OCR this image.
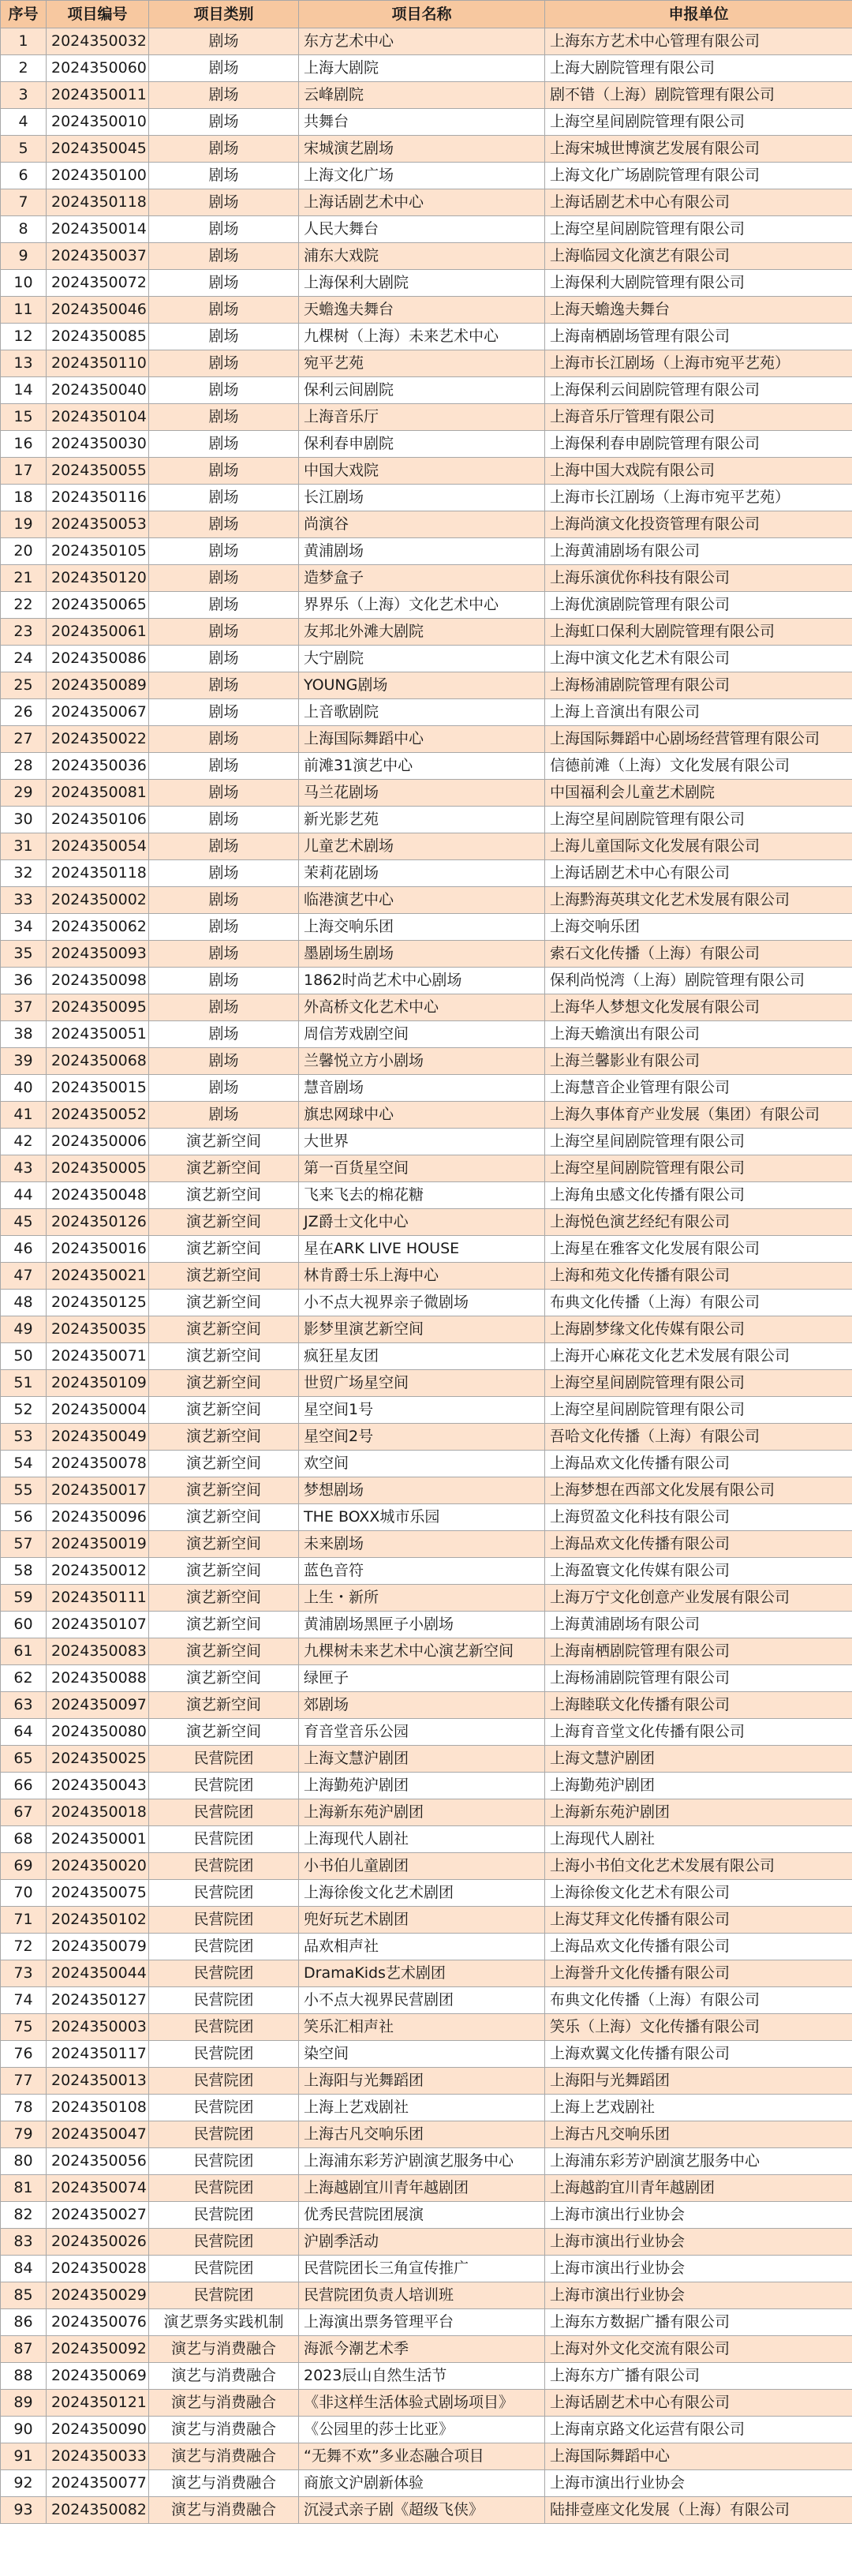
序号	项目编号	项目类别	项目名称	申报单位
1	2024350032	剧场	东方艺术中心	上海东方艺术中心管理有限公司
2	2024350060	剧场	上海大剧院	上海大剧院管理有限公司
3	2024350011	剧场	云峰剧院	剧不错（上海）剧院管理有限公司
4	2024350010	剧场	共舞台	上海空星间剧院管理有限公司
5	2024350045	剧场	宋城演艺剧场	上海宋城世博演艺发展有限公司
6	2024350100	剧场	上海文化广场	上海文化广场剧院管理有限公司
7	2024350118	剧场	上海话剧艺术中心	上海话剧艺术中心有限公司
8	2024350014	剧场	人民大舞台	上海空星间剧院管理有限公司
9	2024350037	剧场	浦东大戏院	上海临园文化演艺有限公司
10	2024350072	剧场	上海保利大剧院	上海保利大剧院管理有限公司
11	2024350046	剧场	天蟾逸夫舞台	上海天蟾逸夫舞台
12	2024350085	剧场	九棵树（上海）未来艺术中心	上海南栖剧场管理有限公司
13	2024350110	剧场	宛平艺苑	上海市长江剧场（上海市宛平艺苑）
14	2024350040	剧场	保利云间剧院	上海保利云间剧院管理有限公司
15	2024350104	剧场	上海音乐厅	上海音乐厅管理有限公司
16	2024350030	剧场	保利春申剧院	上海保利春申剧院管理有限公司
17	2024350055	剧场	中国大戏院	上海中国大戏院有限公司
18	2024350116	剧场	长江剧场	上海市长江剧场（上海市宛平艺苑）
19	2024350053	剧场	尚演谷	上海尚演文化投资管理有限公司
20	2024350105	剧场	黄浦剧场	上海黄浦剧场有限公司
21	2024350120	剧场	造梦盒子	上海乐演优你科技有限公司
22	2024350065	剧场	界界乐（上海）文化艺术中心	上海优演剧院管理有限公司
23	2024350061	剧场	友邦北外滩大剧院	上海虹口保利大剧院管理有限公司
24	2024350086	剧场	大宁剧院	上海中演文化艺术有限公司
25	2024350089	剧场	YOUNG剧场	上海杨浦剧院管理有限公司
26	2024350067	剧场	上音歌剧院	上海上音演出有限公司
27	2024350022	剧场	上海国际舞蹈中心	上海国际舞蹈中心剧场经营管理有限公司
28	2024350036	剧场	前滩31演艺中心	信德前滩（上海）文化发展有限公司
29	2024350081	剧场	马兰花剧场	中国福利会儿童艺术剧院
30	2024350106	剧场	新光影艺苑	上海空星间剧院管理有限公司
31	2024350054	剧场	儿童艺术剧场	上海儿童国际文化发展有限公司
32	2024350118	剧场	茉莉花剧场	上海话剧艺术中心有限公司
33	2024350002	剧场	临港演艺中心	上海黔海英琪文化艺术发展有限公司
34	2024350062	剧场	上海交响乐团	上海交响乐团
35	2024350093	剧场	墨剧场生剧场	索石文化传播（上海）有限公司
36	2024350098	剧场	1862时尚艺术中心剧场	保利尚悦湾（上海）剧院管理有限公司
37	2024350095	剧场	外高桥文化艺术中心	上海华人梦想文化发展有限公司
38	2024350051	剧场	周信芳戏剧空间	上海天蟾演出有限公司
39	2024350068	剧场	兰馨悦立方小剧场	上海兰馨影业有限公司
40	2024350015	剧场	慧音剧场	上海慧音企业管理有限公司
41	2024350052	剧场	旗忠网球中心	上海久事体育产业发展（集团）有限公司
42	2024350006	演艺新空间	大世界	上海空星间剧院管理有限公司
43	2024350005	演艺新空间	第一百货星空间	上海空星间剧院管理有限公司
44	2024350048	演艺新空间	飞来飞去的棉花糖	上海角虫感文化传播有限公司
45	2024350126	演艺新空间	JZ爵士文化中心	上海悦色演艺经纪有限公司
46	2024350016	演艺新空间	星在ARK LIVE HOUSE	上海星在雅客文化发展有限公司
47	2024350021	演艺新空间	林肯爵士乐上海中心	上海和苑文化传播有限公司
48	2024350125	演艺新空间	小不点大视界亲子微剧场	布典文化传播（上海）有限公司
49	2024350035	演艺新空间	影梦里演艺新空间	上海剧梦缘文化传媒有限公司
50	2024350071	演艺新空间	疯狂星友团	上海开心麻花文化艺术发展有限公司
51	2024350109	演艺新空间	世贸广场星空间	上海空星间剧院管理有限公司
52	2024350004	演艺新空间	星空间1号	上海空星间剧院管理有限公司
53	2024350049	演艺新空间	星空间2号	吾哈文化传播（上海）有限公司
54	2024350078	演艺新空间	欢空间	上海品欢文化传播有限公司
55	2024350017	演艺新空间	梦想剧场	上海梦想在西部文化发展有限公司
56	2024350096	演艺新空间	THE BOXX城市乐园	上海贸盈文化科技有限公司
57	2024350019	演艺新空间	未来剧场	上海品欢文化传播有限公司
58	2024350012	演艺新空间	蓝色音符	上海盈寰文化传媒有限公司
59	2024350111	演艺新空间	上生・新所	上海万宁文化创意产业发展有限公司
60	2024350107	演艺新空间	黄浦剧场黑匣子小剧场	上海黄浦剧场有限公司
61	2024350083	演艺新空间	九棵树未来艺术中心演艺新空间	上海南栖剧院管理有限公司
62	2024350088	演艺新空间	绿匣子	上海杨浦剧院管理有限公司
63	2024350097	演艺新空间	郊剧场	上海睦联文化传播有限公司
64	2024350080	演艺新空间	育音堂音乐公园	上海育音堂文化传播有限公司
65	2024350025	民营院团	上海文慧沪剧团	上海文慧沪剧团
66	2024350043	民营院团	上海勤苑沪剧团	上海勤苑沪剧团
67	2024350018	民营院团	上海新东苑沪剧团	上海新东苑沪剧团
68	2024350001	民营院团	上海现代人剧社	上海现代人剧社
69	2024350020	民营院团	小书伯儿童剧团	上海小书伯文化艺术发展有限公司
70	2024350075	民营院团	上海徐俊文化艺术剧团	上海徐俊文化艺术有限公司
71	2024350102	民营院团	兜好玩艺术剧团	上海艾拜文化传播有限公司
72	2024350079	民营院团	品欢相声社	上海品欢文化传播有限公司
73	2024350044	民营院团	DramaKids艺术剧团	上海誉升文化传播有限公司
74	2024350127	民营院团	小不点大视界民营剧团	布典文化传播（上海）有限公司
75	2024350003	民营院团	笑乐汇相声社	笑乐（上海）文化传播有限公司
76	2024350117	民营院团	染空间	上海欢翼文化传播有限公司
77	2024350013	民营院团	上海阳与光舞蹈团	上海阳与光舞蹈团
78	2024350108	民营院团	上海上艺戏剧社	上海上艺戏剧社
79	2024350047	民营院团	上海古凡交响乐团	上海古凡交响乐团
80	2024350056	民营院团	上海浦东彩芳沪剧演艺服务中心	上海浦东彩芳沪剧演艺服务中心
81	2024350074	民营院团	上海越剧宜川青年越剧团	上海越韵宜川青年越剧团
82	2024350027	民营院团	优秀民营院团展演	上海市演出行业协会
83	2024350026	民营院团	沪剧季活动	上海市演出行业协会
84	2024350028	民营院团	民营院团长三角宣传推广	上海市演出行业协会
85	2024350029	民营院团	民营院团负责人培训班	上海市演出行业协会
86	2024350076	演艺票务实践机制	上海演出票务管理平台	上海东方数据广播有限公司
87	2024350092	演艺与消费融合	海派今潮艺术季	上海对外文化交流有限公司
88	2024350069	演艺与消费融合	2023辰山自然生活节	上海东方广播有限公司
89	2024350121	演艺与消费融合	《非这样生活体验式剧场项目》	上海话剧艺术中心有限公司
90	2024350090	演艺与消费融合	《公园里的莎士比亚》	上海南京路文化运营有限公司
91	2024350033	演艺与消费融合	“无舞不欢”多业态融合项目	上海国际舞蹈中心
92	2024350077	演艺与消费融合	商旅文沪剧新体验	上海市演出行业协会
93	2024350082	演艺与消费融合	沉浸式亲子剧《超级飞侠》	陆排壹座文化发展（上海）有限公司
